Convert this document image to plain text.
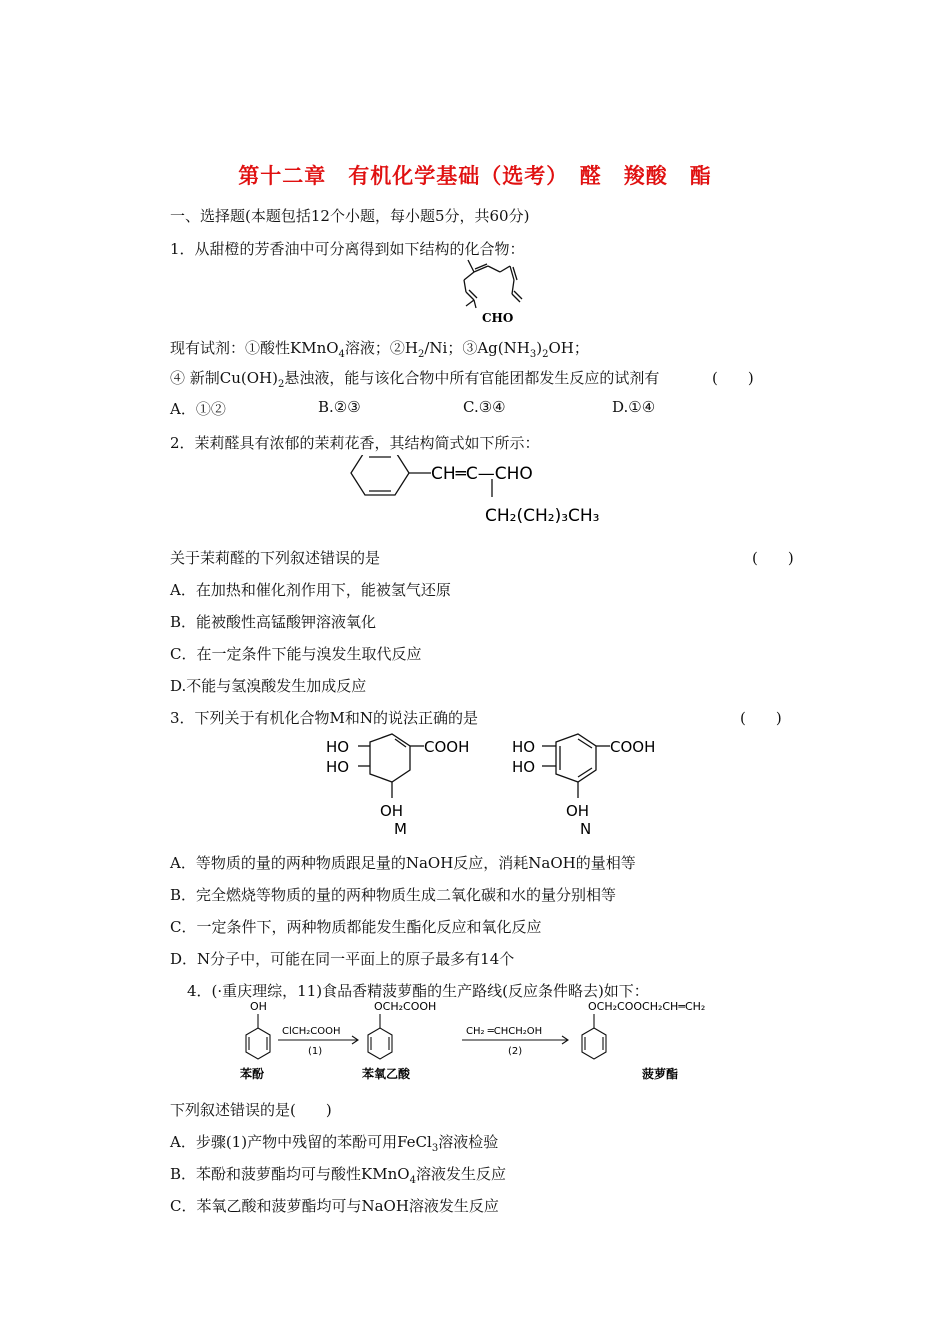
第十二章　有机化学基础（选考）　醛　羧酸　酯
一、选择题(本题包括12个小题，每小题5分，共60分)
1．从甜橙的芳香油中可分离得到如下结构的化合物：
CHO
现有试剂：①酸性KMnO$_4$溶液；$②H_2/Ni$；$③Ag(NH_3)_2OH$；
④ 新制$Cu(OH)_2$悬浊液，能与该化合物中所有官能团都发生反应的试剂有	(　　)
A．①②	B.②③	C.③④	D.①④
2．茉莉醛具有浓郁的茉莉花香，其结构简式如下所示：
CH═C—CHO
CH₂(CH₂)₃CH₃
关于茉莉醛的下列叙述错误的是	(　　)
A．在加热和催化剂作用下，能被氢气还原
B．能被酸性高锰酸钾溶液氧化
C．在一定条件下能与溴发生取代反应
D.不能与氢溴酸发生加成反应
3．下列关于有机化合物M和N的说法正确的是	(　　)
HO
HO
COOH
OH
M
HO
HO
COOH
OH
N
A．等物质的量的两种物质跟足量的NaOH反应，消耗NaOH的量相等
B．完全燃烧等物质的量的两种物质生成二氧化碳和水的量分别相等
C．一定条件下，两种物质都能发生酯化反应和氧化反应
D．N分子中，可能在同一平面上的原子最多有14个
4．(·重庆理综，11)食品香精菠萝酯的生产路线(反应条件略去)如下：
OH
苯酚
ClCH₂COOH
(1)
OCH₂COOH
苯氧乙酸
CH₂ ═CHCH₂OH
(2)
OCH₂COOCH₂CH═CH₂
菠萝酯
下列叙述错误的是(　　)
A．步骤(1)产物中残留的苯酚可用FeCl$_3$溶液检验
B．苯酚和菠萝酯均可与酸性KMnO$_4$溶液发生反应
C．苯氧乙酸和菠萝酯均可与NaOH溶液发生反应
